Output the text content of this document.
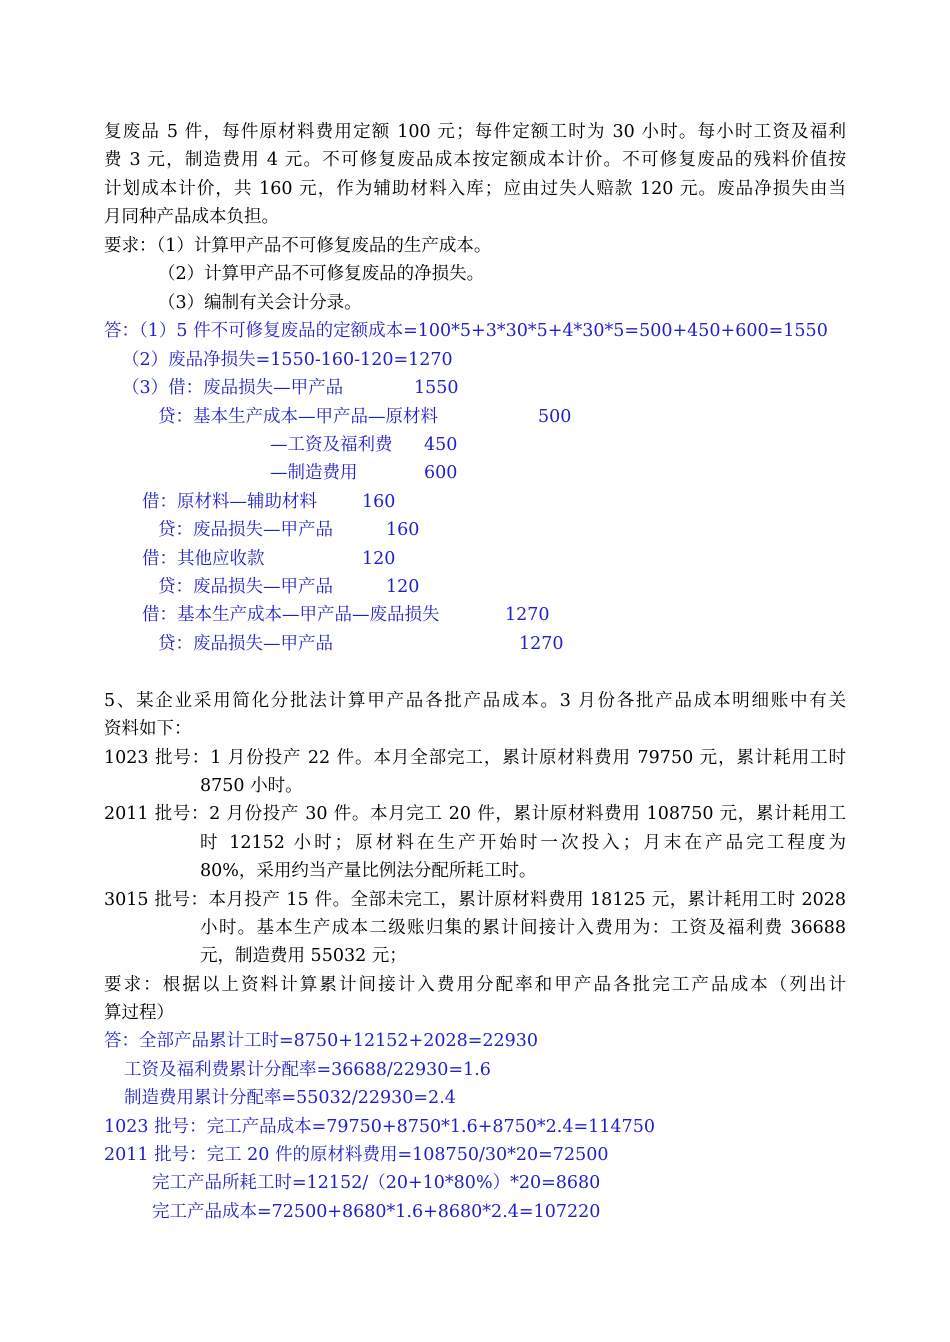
复废品 5 件，每件原材料费用定额 100 元；每件定额工时为 30 小时。每小时工资及福利
费 3 元，制造费用 4 元。不可修复废品成本按定额成本计价。不可修复废品的残料价值按
计划成本计价，共 160 元，作为辅助材料入库；应由过失人赔款 120 元。废品净损失由当
月同种产品成本负担。
要求：（1）计算甲产品不可修复废品的生产成本。
（2）计算甲产品不可修复废品的净损失。
（3）编制有关会计分录。
答：（1）5 件不可修复废品的定额成本=100*5+3*30*5+4*30*5=500+450+600=1550
（2）废品净损失=1550-160-120=1270
（3）借：废品损失—甲产品	1550
贷：基本生产成本—甲产品—原材料	500
—工资及福利费 450
—制造费用	600
借：原材料—辅助材料	160
贷：废品损失—甲产品	160
借：其他应收款	120
贷：废品损失—甲产品	120
借：基本生产成本—甲产品—废品损失	1270
贷：废品损失—甲产品	1270
5、某企业采用简化分批法计算甲产品各批产品成本。3 月份各批产品成本明细账中有关
资料如下：
1023 批号：1 月份投产 22 件。本月全部完工，累计原材料费用 79750 元，累计耗用工时
8750 小时。
2011 批号：2 月份投产 30 件。本月完工 20 件，累计原材料费用 108750 元，累计耗用工
时 12152 小时；原材料在生产开始时一次投入；月末在产品完工程度为
80%，采用约当产量比例法分配所耗工时。
3015 批号：本月投产 15 件。全部未完工，累计原材料费用 18125 元，累计耗用工时 2028
小时。基本生产成本二级账归集的累计间接计入费用为：工资及福利费 36688
元，制造费用 55032 元；
要求：根据以上资料计算累计间接计入费用分配率和甲产品各批完工产品成本（列出计
算过程）
答：全部产品累计工时=8750+12152+2028=22930
工资及福利费累计分配率=36688/22930=1.6
制造费用累计分配率=55032/22930=2.4
1023 批号：完工产品成本=79750+8750*1.6+8750*2.4=114750
2011 批号：完工 20 件的原材料费用=108750/30*20=72500
完工产品所耗工时=12152/（20+10*80%）*20=8680
完工产品成本=72500+8680*1.6+8680*2.4=107220
